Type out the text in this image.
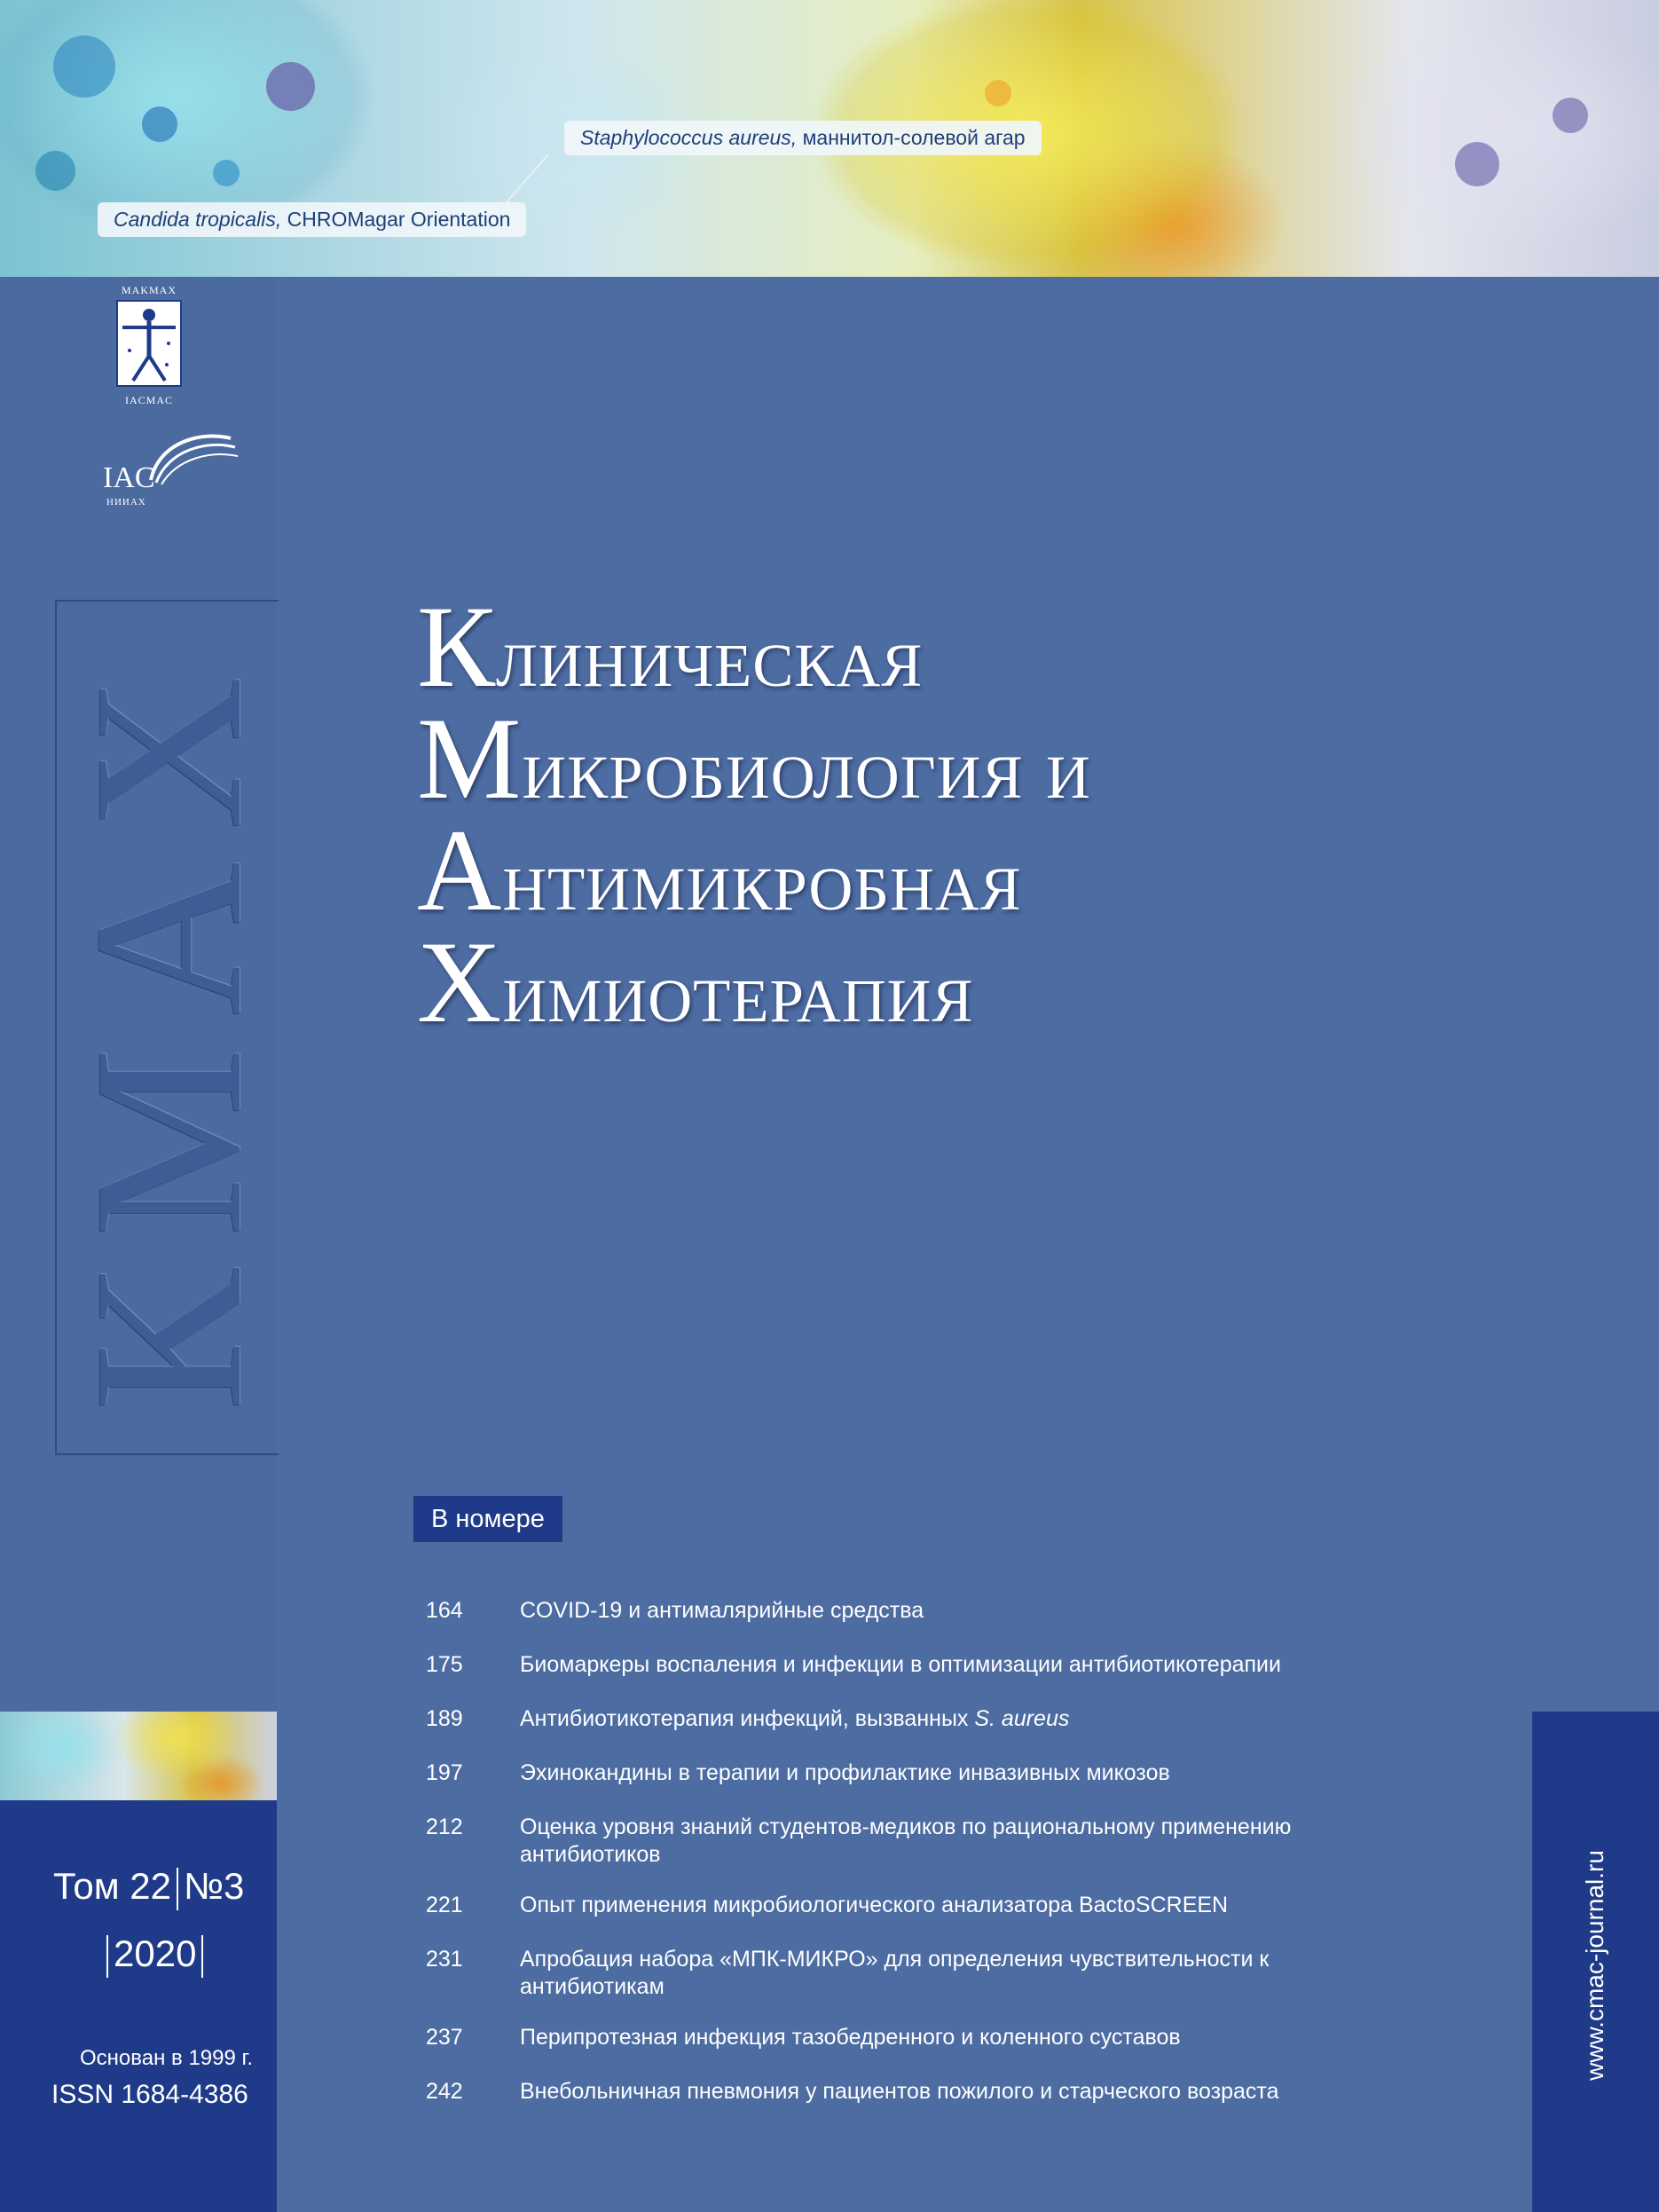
Staphylococcus aureus, маннитол-солевой агар
Candida tropicalis, CHROMagar Orientation
MAKMAX
IACMAC
IAC
НИИАХ
КМАХ Клиническая
Микробиология и
Антимикробная
Химиотерапия
В номере
164	COVID-19 и антималярийные средства
175	Биомаркеры воспаления и инфекции в оптимизации антибиотикотерапии
189	Антибиотикотерапия инфекций, вызванных S. aureus
197	Эхинокандины в терапии и профилактике инвазивных микозов
212	Оценка уровня знаний студентов-медиков по рациональному применению антибиотиков
221	Опыт применения микробиологического анализатора BactoSCREEN
231	Апробация набора «МПК-МИКРО» для определения чувствительности к антибиотикам
237	Перипротезная инфекция тазобедренного и коленного суставов
242	Внебольничная пневмония у пациентов пожилого и старческого возраста
Том 22 №3
2020
Основан в 1999 г.
ISSN 1684-4386
www.cmac-journal.ru
